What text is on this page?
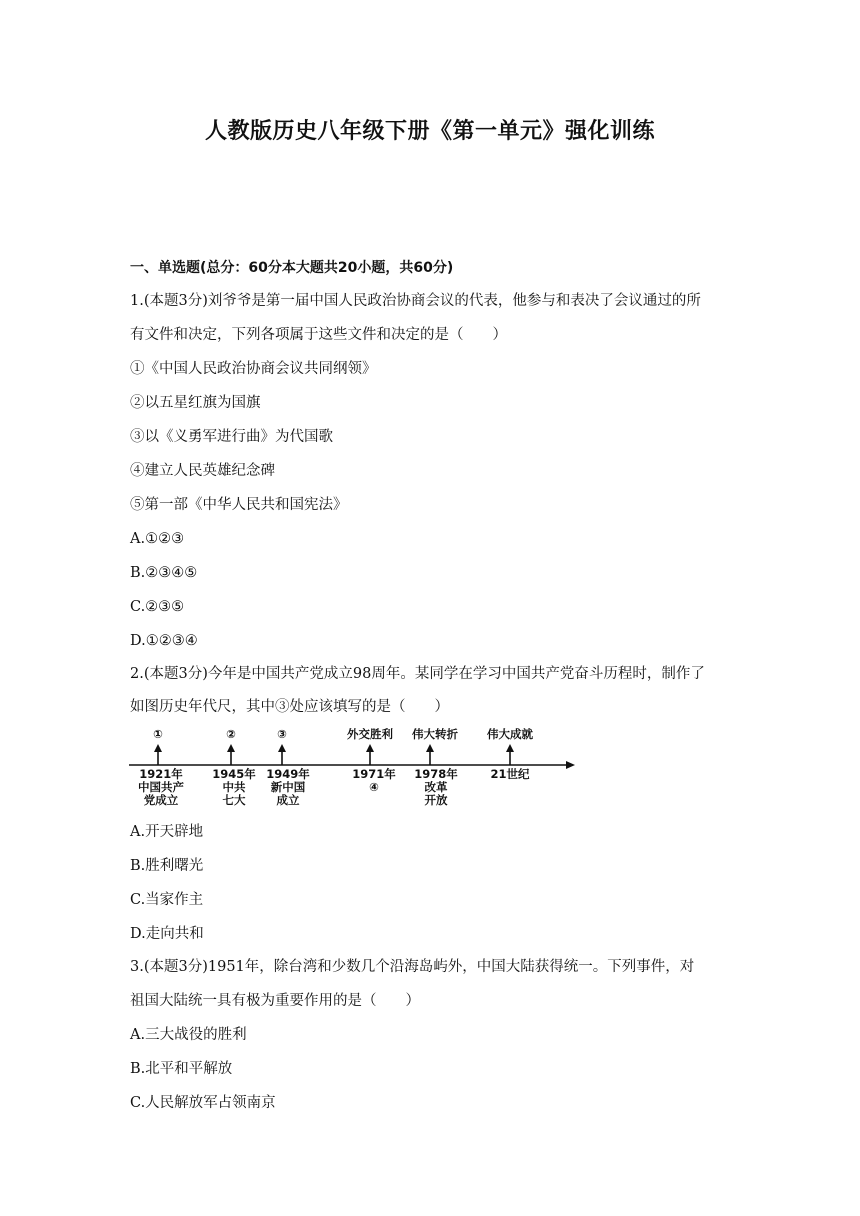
人教版历史八年级下册《第一单元》强化训练
一、单选题(总分：60分本大题共20小题，共60分)
1.(本题3分)刘爷爷是第一届中国人民政治协商会议的代表，他参与和表决了会议通过的所
有文件和决定，下列各项属于这些文件和决定的是（　　）
①《中国人民政治协商会议共同纲领》
②以五星红旗为国旗
③以《义勇军进行曲》为代国歌
④建立人民英雄纪念碑
⑤第一部《中华人民共和国宪法》
A.①②③
B.②③④⑤
C.②③⑤
D.①②③④
2.(本题3分)今年是中国共产党成立98周年。某同学在学习中国共产党奋斗历程时，制作了
如图历史年代尺，其中③处应该填写的是（　　）
①	②	③	外交胜利 伟大转折	伟大成就
1921年
中国共产
党成立
1945年
中共
七大
1949年
新中国
成立
1971年
④
1978年
改革
开放
21世纪
A.开天辟地
B.胜利曙光
C.当家作主
D.走向共和
3.(本题3分)1951年，除台湾和少数几个沿海岛屿外，中国大陆获得统一。下列事件，对
祖国大陆统一具有极为重要作用的是（　　）
A.三大战役的胜利
B.北平和平解放
C.人民解放军占领南京
